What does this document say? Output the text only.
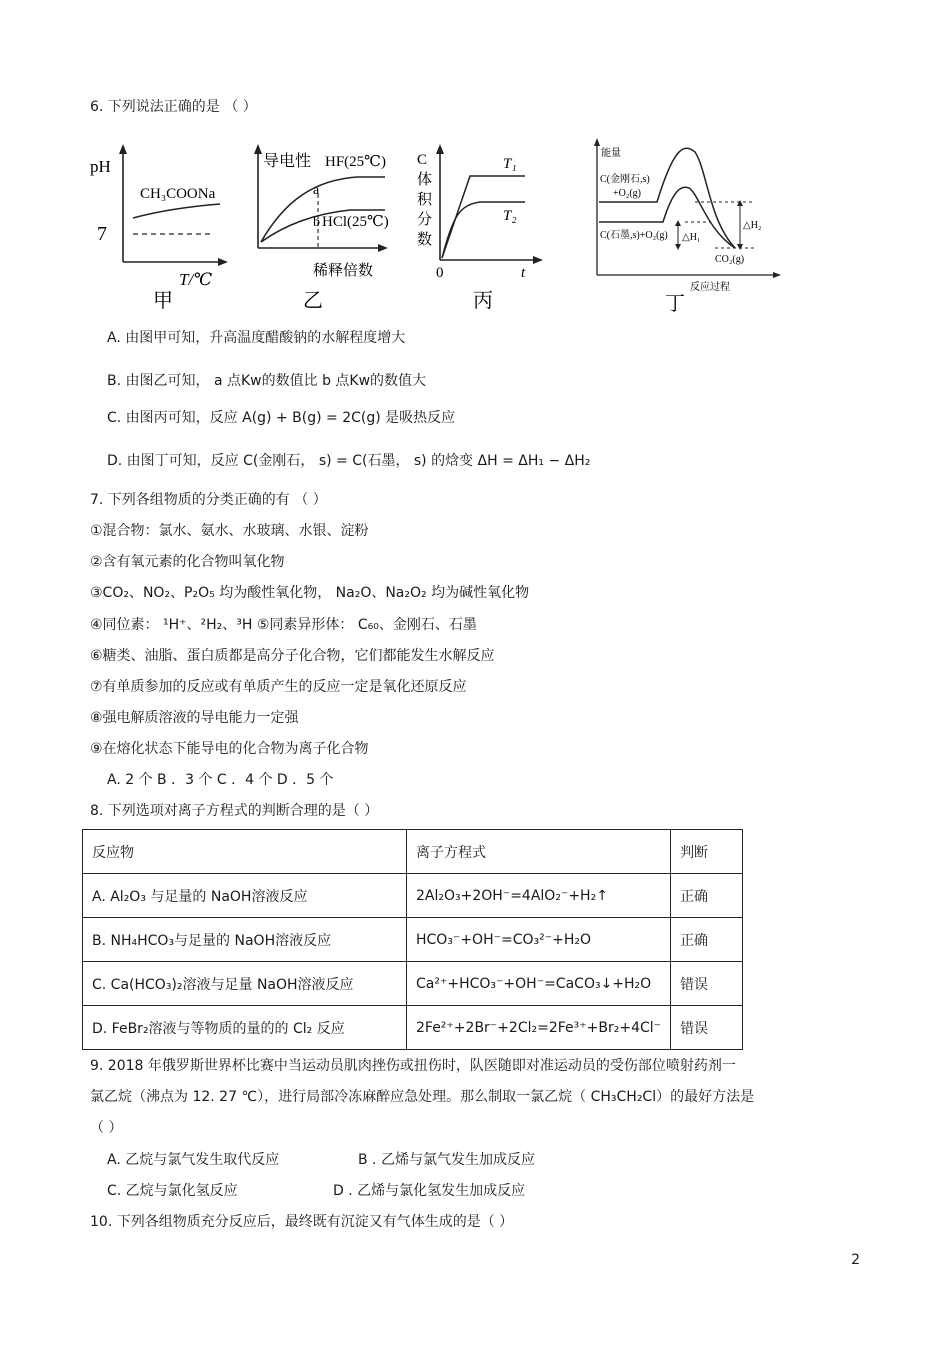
6. 下列说法正确的是 （ ）
pH
7
CH₃COONa
T/℃
甲
导电性 HF(25℃)
a
b HCl(25℃)
稀释倍数
乙
C
体
积
分
数
T₁
T₂
0	t
丙
能量
C(金刚石,s)
+O₂(g)
C(石墨,s)+O₂(g) △H₁
△H₂
CO₂(g)
反应过程
丁
A. 由图甲可知，升高温度醋酸钠的水解程度增大
B. 由图乙可知， a 点Kw的数值比 b 点Kw的数值大
C. 由图丙可知，反应 A(g) + B(g) = 2C(g) 是吸热反应
D. 由图丁可知，反应 C(金刚石， s) = C(石墨， s) 的焓变 ΔH = ΔH₁ − ΔH₂
7. 下列各组物质的分类正确的有 （ ）
①混合物：氯水、氨水、水玻璃、水银、淀粉
②含有氧元素的化合物叫氧化物
③CO₂、NO₂、P₂O₅ 均为酸性氧化物， Na₂O、Na₂O₂ 均为碱性氧化物
④同位素： ¹H⁺、²H₂、³H ⑤同素异形体： C₆₀、金刚石、石墨
⑥糖类、油脂、蛋白质都是高分子化合物，它们都能发生水解反应
⑦有单质参加的反应或有单质产生的反应一定是氧化还原反应
⑧强电解质溶液的导电能力一定强
⑨在熔化状态下能导电的化合物为离子化合物
A. 2 个 B ．3 个 C ．4 个 D ．5 个
8. 下列选项对离子方程式的判断合理的是（ ）
反应物	离子方程式	判断
A. Al₂O₃ 与足量的 NaOH溶液反应	2Al₂O₃+2OH⁻=4AlO₂⁻+H₂↑	正确
B. NH₄HCO₃与足量的 NaOH溶液反应	HCO₃⁻+OH⁻=CO₃²⁻+H₂O	正确
C. Ca(HCO₃)₂溶液与足量 NaOH溶液反应	Ca²⁺+HCO₃⁻+OH⁻=CaCO₃↓+H₂O	错误
D. FeBr₂溶液与等物质的量的的 Cl₂ 反应	2Fe²⁺+2Br⁻+2Cl₂=2Fe³⁺+Br₂+4Cl⁻	错误
9. 2018 年俄罗斯世界杯比赛中当运动员肌肉挫伤或扭伤时，队医随即对准运动员的受伤部位喷射药剂一
氯乙烷（沸点为 12. 27 ℃），进行局部冷冻麻醉应急处理。那么制取一氯乙烷（ CH₃CH₂Cl）的最好方法是
（ ）
A. 乙烷与氯气发生取代反应	B . 乙烯与氯气发生加成反应
C. 乙烷与氯化氢反应	D . 乙烯与氯化氢发生加成反应
10. 下列各组物质充分反应后，最终既有沉淀又有气体生成的是（ ）
2
